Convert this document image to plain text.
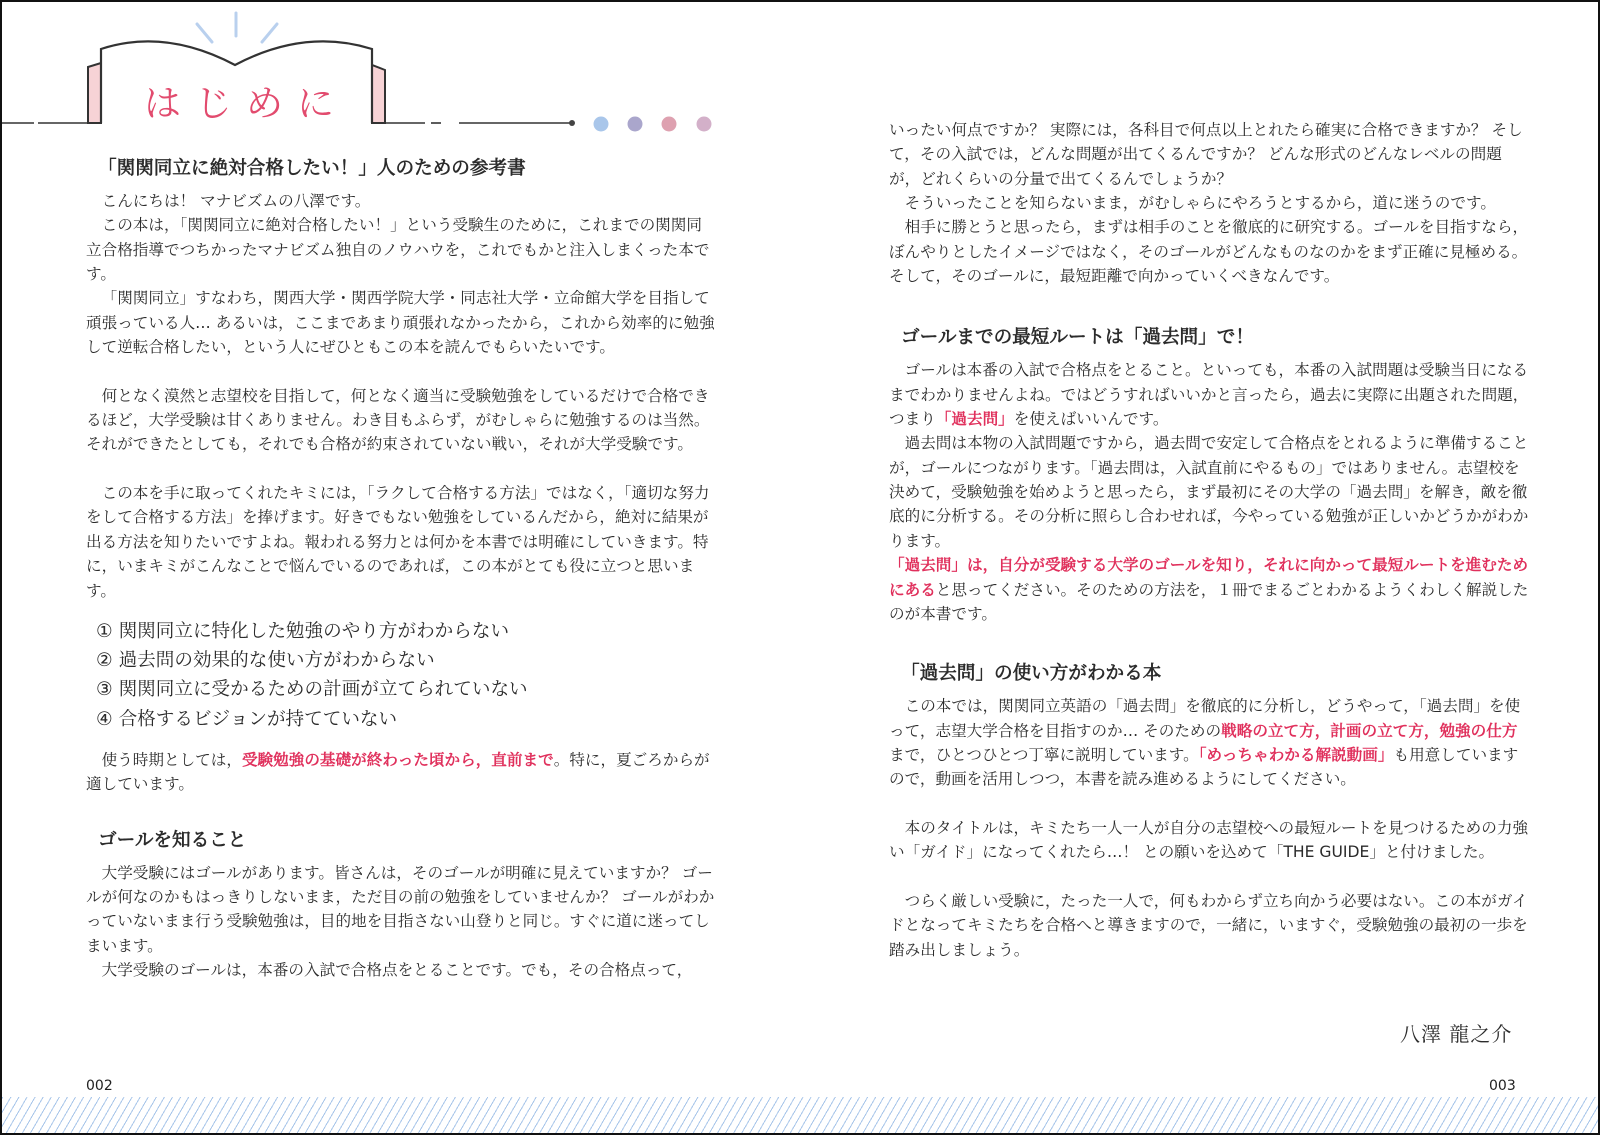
はじめに
「関関同立に絶対合格したい！」人のための参考書

こんにちは！ マナビズムの八澤です。

この本は，「関関同立に絶対合格したい！」という受験生のために，これまでの関関同立合格指導でつちかったマナビズム独自のノウハウを，これでもかと注入しまくった本です。

「関関同立」すなわち，関西大学・関西学院大学・同志社大学・立命館大学を目指して頑張っている人… あるいは，ここまであまり頑張れなかったから，これから効率的に勉強して逆転合格したい，という人にぜひともこの本を読んでもらいたいです。

何となく漠然と志望校を目指して，何となく適当に受験勉強をしているだけで合格できるほど，大学受験は甘くありません。わき目もふらず，がむしゃらに勉強するのは当然。それができたとしても，それでも合格が約束されていない戦い，それが大学受験です。

この本を手に取ってくれたキミには，「ラクして合格する方法」ではなく，「適切な努力をして合格する方法」を捧げます。好きでもない勉強をしているんだから，絶対に結果が出る方法を知りたいですよね。報われる努力とは何かを本書では明確にしていきます。特に，いまキミがこんなことで悩んでいるのであれば，この本がとても役に立つと思います。

① 関関同立に特化した勉強のやり方がわからない
② 過去問の効果的な使い方がわからない
③ 関関同立に受かるための計画が立てられていない
④ 合格するビジョンが持てていない

使う時期としては，受験勉強の基礎が終わった頃から，直前まで。特に，夏ごろからが適しています。

ゴールを知ること

大学受験にはゴールがあります。皆さんは，そのゴールが明確に見えていますか？ ゴールが何なのかもはっきりしないまま，ただ目の前の勉強をしていませんか？ ゴールがわかっていないまま行う受験勉強は，目的地を目指さない山登りと同じ。すぐに道に迷ってしまいます。

大学受験のゴールは，本番の入試で合格点をとることです。でも，その合格点って，

002

いったい何点ですか？ 実際には，各科目で何点以上とれたら確実に合格できますか？ そして，その入試では，どんな問題が出てくるんですか？ どんな形式のどんなレベルの問題が，どれくらいの分量で出てくるんでしょうか？

そういったことを知らないまま，がむしゃらにやろうとするから，道に迷うのです。

相手に勝とうと思ったら，まずは相手のことを徹底的に研究する。ゴールを目指すなら，ぼんやりとしたイメージではなく，そのゴールがどんなものなのかをまず正確に見極める。そして，そのゴールに，最短距離で向かっていくべきなんです。

ゴールまでの最短ルートは「過去問」で！

ゴールは本番の入試で合格点をとること。といっても，本番の入試問題は受験当日になるまでわかりませんよね。ではどうすればいいかと言ったら，過去に実際に出題された問題，つまり「過去問」を使えばいいんです。

過去問は本物の入試問題ですから，過去問で安定して合格点をとれるように準備することが，ゴールにつながります。「過去問は，入試直前にやるもの」ではありません。志望校を決めて，受験勉強を始めようと思ったら，まず最初にその大学の「過去問」を解き，敵を徹底的に分析する。その分析に照らし合わせれば，今やっている勉強が正しいかどうかがわかります。

「過去問」は，自分が受験する大学のゴールを知り，それに向かって最短ルートを進むためにあると思ってください。そのための方法を，１冊でまるごとわかるようくわしく解説したのが本書です。

「過去問」の使い方がわかる本

この本では，関関同立英語の「過去問」を徹底的に分析し，どうやって，「過去問」を使って，志望大学合格を目指すのか… そのための戦略の立て方，計画の立て方，勉強の仕方まで，ひとつひとつ丁寧に説明しています。「めっちゃわかる解説動画」も用意していますので，動画を活用しつつ，本書を読み進めるようにしてください。

本のタイトルは，キミたち一人一人が自分の志望校への最短ルートを見つけるための力強い「ガイド」になってくれたら…！ との願いを込めて「THE GUIDE」と付けました。

つらく厳しい受験に，たった一人で，何もわからず立ち向かう必要はない。この本がガイドとなってキミたちを合格へと導きますので，一緒に，いますぐ，受験勉強の最初の一歩を踏み出しましょう。

八澤 龍之介
003
